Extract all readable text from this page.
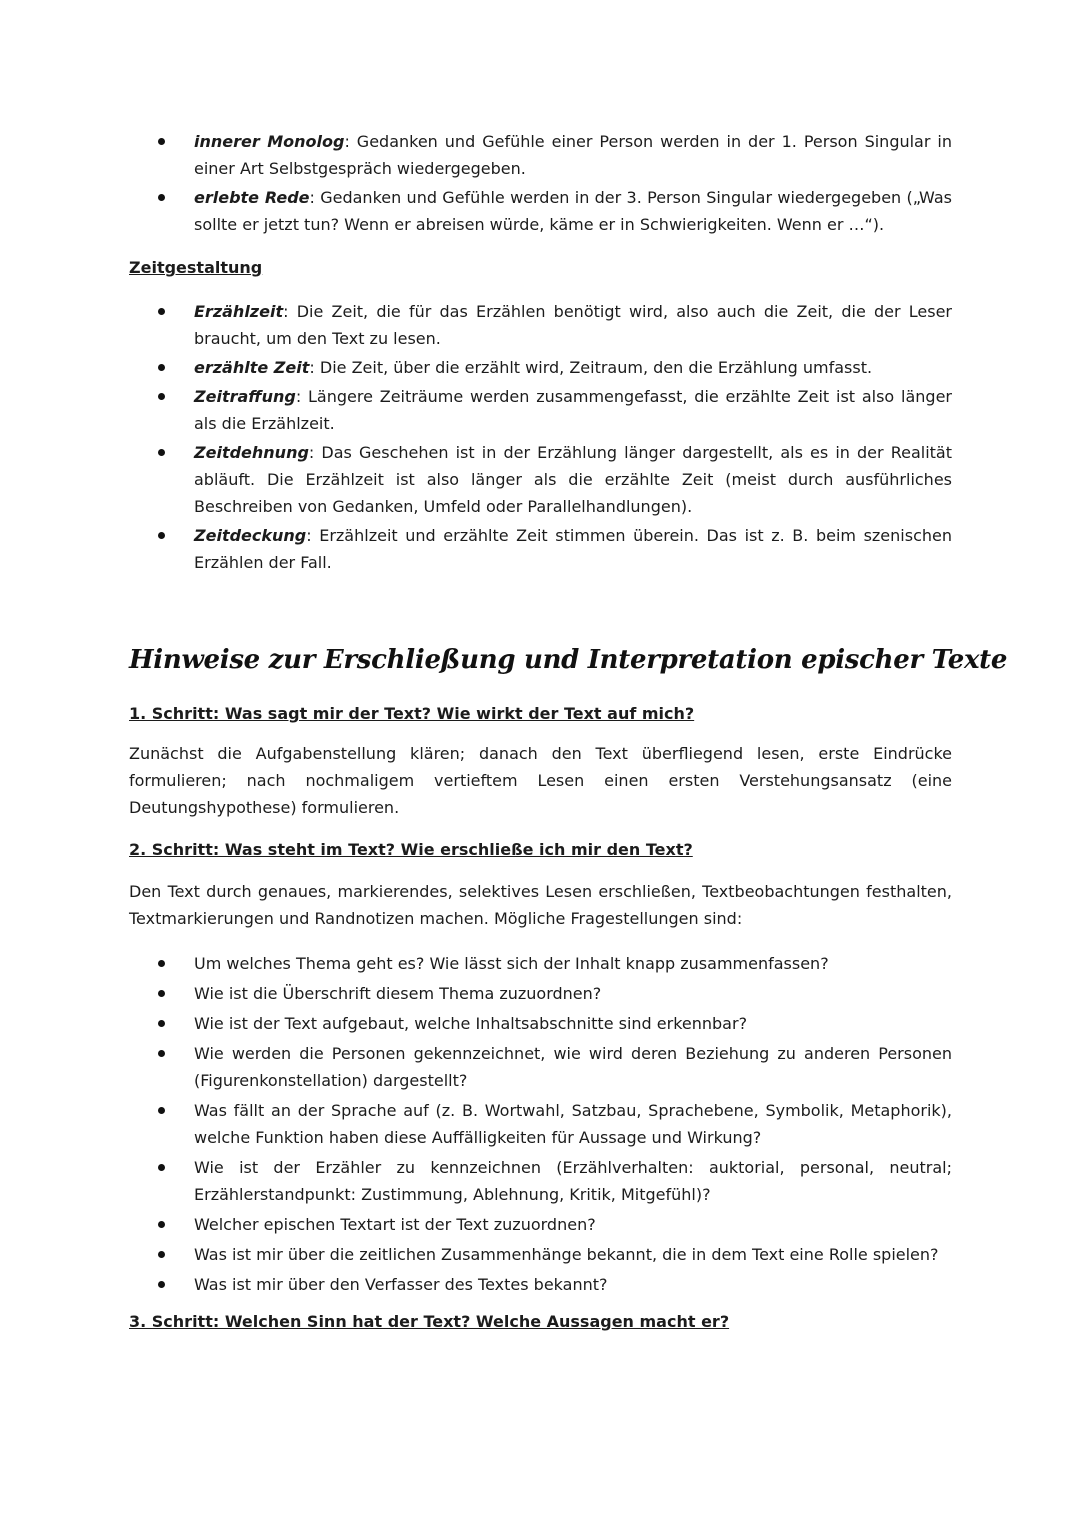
innerer Monolog: Gedanken und Gefühle einer Person werden in der 1. Person Singular in einer Art Selbstgespräch wiedergegeben.
erlebte Rede: Gedanken und Gefühle werden in der 3. Person Singular wiedergegeben („Was sollte er jetzt tun? Wenn er abreisen würde, käme er in Schwierigkeiten. Wenn er …“).
Zeitgestaltung
Erzählzeit: Die Zeit, die für das Erzählen benötigt wird, also auch die Zeit, die der Leser braucht, um den Text zu lesen.
erzählte Zeit: Die Zeit, über die erzählt wird, Zeitraum, den die Erzählung umfasst.
Zeitraffung: Längere Zeiträume werden zusammengefasst, die erzählte Zeit ist also länger als die Erzählzeit.
Zeitdehnung: Das Geschehen ist in der Erzählung länger dargestellt, als es in der Realität abläuft. Die Erzählzeit ist also länger als die erzählte Zeit (meist durch ausführliches Beschreiben von Gedanken, Umfeld oder Parallelhandlungen).
Zeitdeckung: Erzählzeit und erzählte Zeit stimmen überein. Das ist z. B. beim szenischen Erzählen der Fall.
Hinweise zur Erschließung und Interpretation epischer Texte
1. Schritt: Was sagt mir der Text? Wie wirkt der Text auf mich?

Zunächst die Aufgabenstellung klären; danach den Text überfliegend lesen, erste Eindrücke formulieren; nach nochmaligem vertieftem Lesen einen ersten Verstehungsansatz (eine Deutungshypothese) formulieren.

2. Schritt: Was steht im Text? Wie erschließe ich mir den Text?

Den Text durch genaues, markierendes, selektives Lesen erschließen, Textbeobachtungen festhalten, Textmarkierungen und Randnotizen machen. Mögliche Fragestellungen sind:

Um welches Thema geht es? Wie lässt sich der Inhalt knapp zusammenfassen?
Wie ist die Überschrift diesem Thema zuzuordnen?
Wie ist der Text aufgebaut, welche Inhaltsabschnitte sind erkennbar?
Wie werden die Personen gekennzeichnet, wie wird deren Beziehung zu anderen Personen (Figurenkonstellation) dargestellt?
Was fällt an der Sprache auf (z. B. Wortwahl, Satzbau, Sprachebene, Symbolik, Metaphorik), welche Funktion haben diese Auffälligkeiten für Aussage und Wirkung?
Wie ist der Erzähler zu kennzeichnen (Erzählverhalten: auktorial, personal, neutral; Erzählerstandpunkt: Zustimmung, Ablehnung, Kritik, Mitgefühl)?
Welcher epischen Textart ist der Text zuzuordnen?
Was ist mir über die zeitlichen Zusammenhänge bekannt, die in dem Text eine Rolle spielen?
Was ist mir über den Verfasser des Textes bekannt?
3. Schritt: Welchen Sinn hat der Text? Welche Aussagen macht er?
